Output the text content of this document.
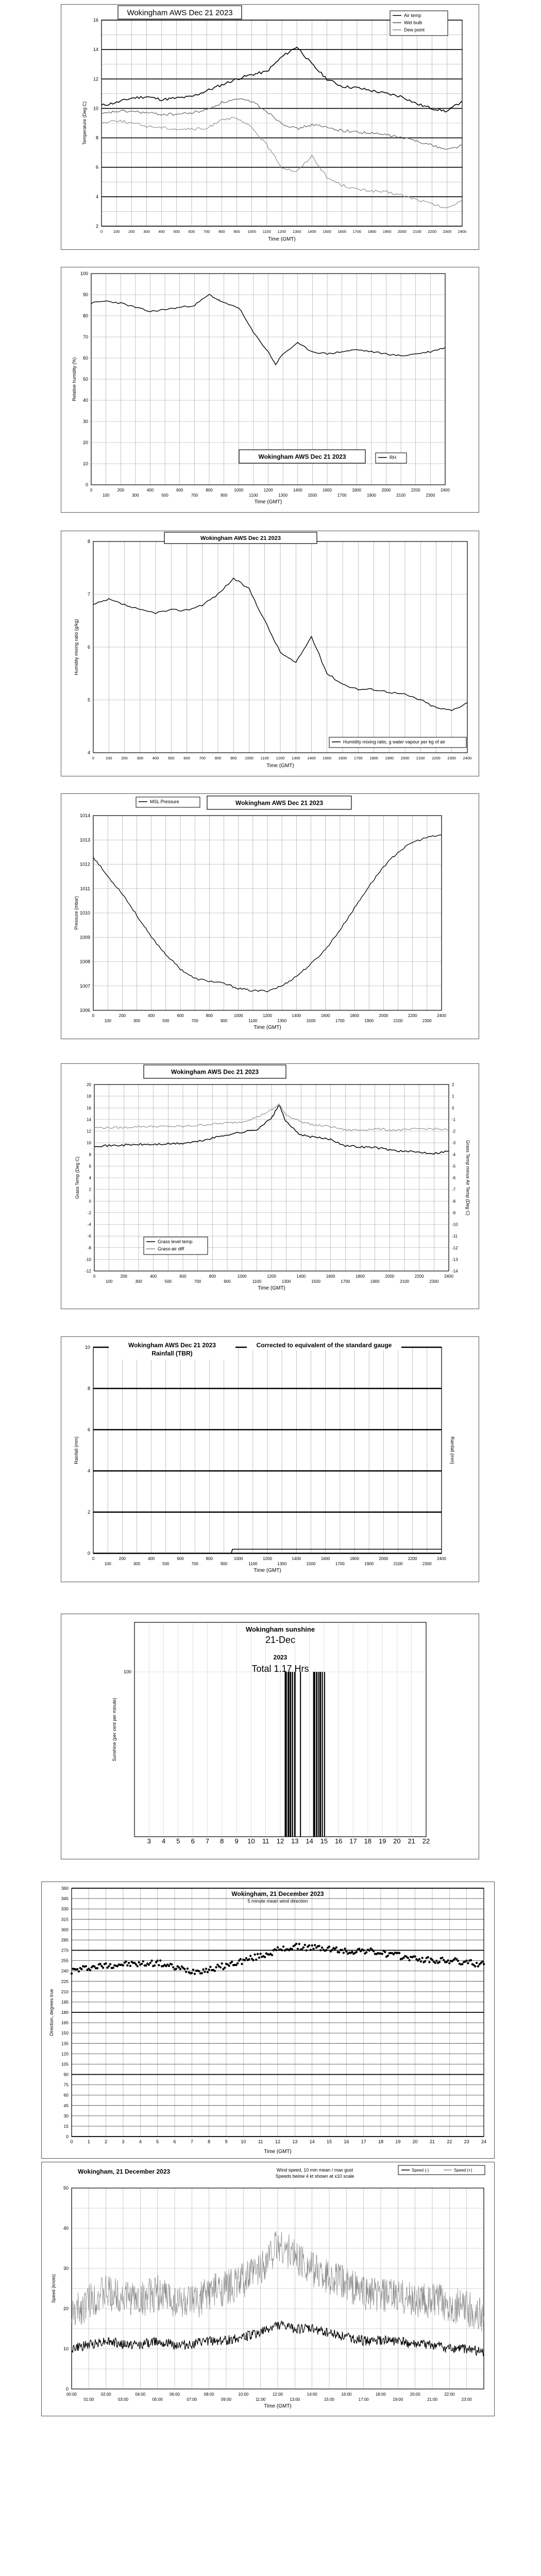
2
4
6
8
10
12
14
16
0	100 200 300 400 500 600 700 800 900 1000 1100 1200 1300 1400 1500 1600 1700 1800 1900 2000 2100 2200 2300 2400
Time (GMT)
Temperature (Deg C)
Wokingham AWS Dec 21 2023	Air temp
Wet bulb
Dew point
0
10
20
30
40
50
60
70
80
90
100
0	200	400	600	800	1000	1200	1400	1600	1800	2000	2200	2400
100	300	500	700	900	1100	1300	1500	1700	1900	2100	2300
Time (GMT)
Relative humidity (%)
Wokingham AWS Dec 21 2023	RH
4
5
6
7
8
0	100 200 300 400 500 600 700 800 900 1000 1100 1200 1300 1400 1500 1600 1700 1800 1900 2000 2100 2200 2300 2400
Time (GMT)
Humidity mixing ratio (g/kg)
Wokingham AWS Dec 21 2023
Humidity mixing ratio, g water vapour per kg of air
1006
1007
1008
1009
1010
1011
1012
1013
1014
0	200	400	600	800	1000	1200	1400	1600	1800	2000	2200	2400
100	300	500	700	900	1100	1300	1500	1700	1900	2100	2300
Time (GMT)
Pressure (mbar)
MSL Pressure	Wokingham AWS Dec 21 2023
-12
-10
-8
-6
-4
-2
0
2
4
6
8
10
12
14
16
18
20
-14
-13
-12
-11
-10
-9
-8
-7
-6
-5
-4
-3
-2
-1
0
1
2
0	200	400	600	800	1000	1200	1400	1600	1800	2000	2200	2400
100	300	500	700	900	1100	1300	1500	1700	1900	2100	2300
Time (GMT)
Grass Temp (Deg C)	Grass Temp minus Air Temp (Deg C)
Wokingham AWS Dec 21 2023
Grass level temp
Grass-air diff
0
2
4
6
8
10
0	200	400	600	800	1000	1200	1400	1600	1800	2000	2200	2400
100	300	500	700	900	1100	1300	1500	1700	1900	2100	2300
Time (GMT)
Rainfall (mm)	Rainfall (mm)
Wokingham AWS Dec 21 2023
Rainfall (TBR)
Corrected to equivalent of the standard gauge
100
3 4 5 6 7 8 9 10 11 12 13 14 15 16 17 18 19 20 21 22
Sunshine (per cent per minute)
Wokingham sunshine
21-Dec
2023
Total 1.17 Hrs
0
15
30
45
60
75
90
105
120
135
150
165
180
195
210
225
240
255
270
285
300
315
330
345
360
0	1	2	3	4	5	6	7	8	9	10	11	12	13	14	15	16	17	18	19	20	21	22	23	24
Time (GMT)
Direction, degrees true
Wokingham, 21 December 2023
5 minute mean wind direction
0
10
20
30
40
50
00:00	02:00	04:00	06:00	08:00	10:00	12:00	14:00	16:00	18:00	20:00	22:00
01:00	03:00	05:00	07:00	09:00	11:00	13:00	15:00	17:00	19:00	21:00	23:00
Time (GMT)
Speed (knots)
Wokingham, 21 December 2023	Wind speed, 10 min mean / max gust
Speeds below 4 kt shown at x10 scale
Speed (-)	Speed (+)
